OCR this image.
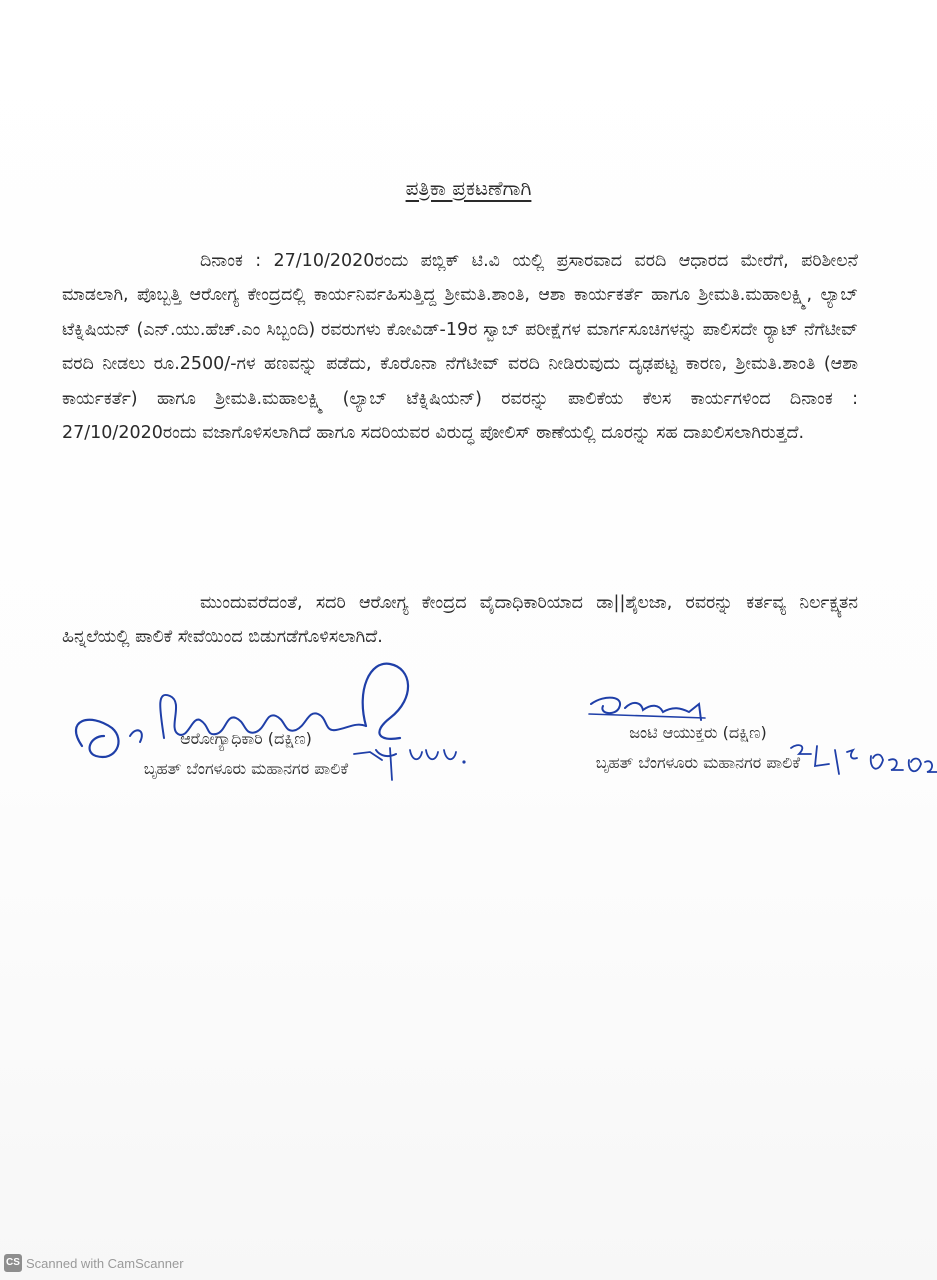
ಪತ್ರಿಕಾ ಪ್ರಕಟಣೆಗಾಗಿ

ದಿನಾಂಕ : 27/10/2020ರಂದು ಪಬ್ಲಿಕ್ ಟಿ.ವಿ ಯಲ್ಲಿ ಪ್ರಸಾರವಾದ ವರದಿ ಆಧಾರದ ಮೇರೆಗೆ, ಪರಿಶೀಲನೆ ಮಾಡಲಾಗಿ, ಪೊಬ್ಬತ್ತಿ ಆರೋಗ್ಯ ಕೇಂದ್ರದಲ್ಲಿ ಕಾರ್ಯನಿರ್ವಹಿಸುತ್ತಿದ್ದ ಶ್ರೀಮತಿ.ಶಾಂತಿ, ಆಶಾ ಕಾರ್ಯಕರ್ತೆ ಹಾಗೂ ಶ್ರೀಮತಿ.ಮಹಾಲಕ್ಷ್ಮಿ, ಲ್ಯಾಬ್ ಟೆಕ್ನಿಷಿಯನ್ (ಎನ್.ಯು.ಹೆಚ್.ಎಂ ಸಿಬ್ಬಂದಿ) ರವರುಗಳು ಕೋವಿಡ್-19ರ ಸ್ವಾಬ್ ಪರೀಕ್ಷೆಗಳ ಮಾರ್ಗಸೂಚಿಗಳನ್ನು ಪಾಲಿಸದೇ ರ್‍ಯಾಟ್ ನೆಗೆಟೀವ್ ವರದಿ ನೀಡಲು ರೂ.2500/-ಗಳ ಹಣವನ್ನು ಪಡೆದು, ಕೊರೊನಾ ನೆಗೆಟೀವ್ ವರದಿ ನೀಡಿರುವುದು ದೃಢಪಟ್ಟ ಕಾರಣ, ಶ್ರೀಮತಿ.ಶಾಂತಿ (ಆಶಾ ಕಾರ್ಯಕರ್ತೆ) ಹಾಗೂ ಶ್ರೀಮತಿ.ಮಹಾಲಕ್ಷ್ಮಿ (ಲ್ಯಾಬ್ ಟೆಕ್ನಿಷಿಯನ್) ರವರನ್ನು ಪಾಲಿಕೆಯ ಕೆಲಸ ಕಾರ್ಯಗಳಿಂದ ದಿನಾಂಕ : 27/10/2020ರಂದು ವಜಾಗೊಳಿಸಲಾಗಿದೆ ಹಾಗೂ ಸದರಿಯವರ ವಿರುದ್ಧ ಪೋಲಿಸ್ ಠಾಣೆಯಲ್ಲಿ ದೂರನ್ನು ಸಹ ದಾಖಲಿಸಲಾಗಿರುತ್ತದೆ.

ಮುಂದುವರೆದಂತೆ, ಸದರಿ ಆರೋಗ್ಯ ಕೇಂದ್ರದ ವೈದಾಧಿಕಾರಿಯಾದ ಡಾ||ಶೈಲಜಾ, ರವರನ್ನು ಕರ್ತವ್ಯ ನಿರ್ಲಕ್ಷ್ಯತನ ಹಿನ್ನಲೆಯಲ್ಲಿ ಪಾಲಿಕೆ ಸೇವೆಯಿಂದ ಬಿಡುಗಡೆಗೊಳಿಸಲಾಗಿದೆ.

ಆರೋಗ್ಯಾಧಿಕಾರಿ (ದಕ್ಷಿಣ)
ಬೃಹತ್ ಬೆಂಗಳೂರು ಮಹಾನಗರ ಪಾಲಿಕೆ
ಜಂಟಿ ಆಯುಕ್ತರು (ದಕ್ಷಿಣ)
ಬೃಹತ್ ಬೆಂಗಳೂರು ಮಹಾನಗರ ಪಾಲಿಕೆ
CS Scanned with CamScanner
